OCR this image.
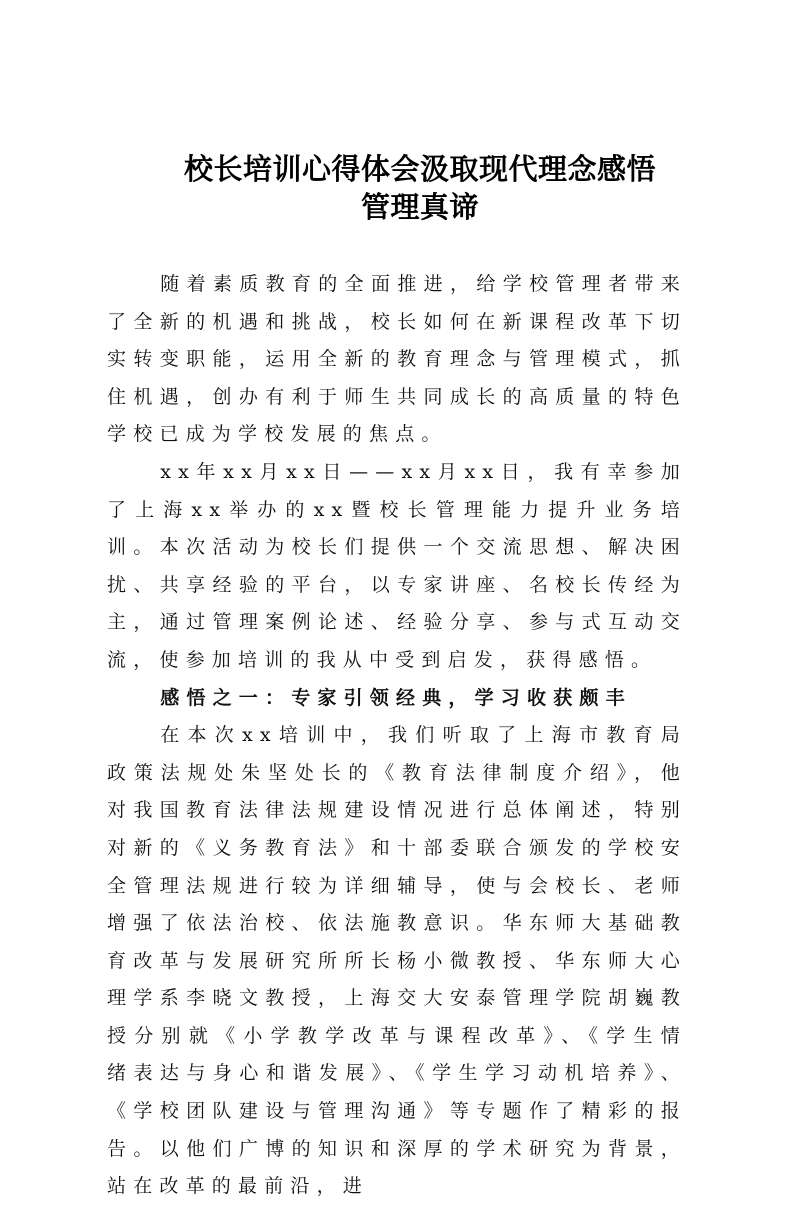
校长培训心得体会汲取现代理念感悟
管理真谛

随着素质教育的全面推进，给学校管理者带来了全新的机遇和挑战，校长如何在新课程改革下切实转变职能，运用全新的教育理念与管理模式，抓住机遇，创办有利于师生共同成长的高质量的特色学校已成为学校发展的焦点。

xx年xx月xx日——xx月xx日，我有幸参加了上海xx举办的xx暨校长管理能力提升业务培训。本次活动为校长们提供一个交流思想、解决困扰、共享经验的平台，以专家讲座、名校长传经为主，通过管理案例论述、经验分享、参与式互动交流，使参加培训的我从中受到启发，获得感悟。

感悟之一：专家引领经典，学习收获颇丰

在本次xx培训中，我们听取了上海市教育局政策法规处朱坚处长的《教育法律制度介绍》，他对我国教育法律法规建设情况进行总体阐述，特别对新的《义务教育法》和十部委联合颁发的学校安全管理法规进行较为详细辅导，使与会校长、老师增强了依法治校、依法施教意识。华东师大基础教育改革与发展研究所所长杨小微教授、华东师大心理学系李晓文教授，上海交大安泰管理学院胡巍教授分别就《小学教学改革与课程改革》、《学生情绪表达与身心和谐发展》、《学生学习动机培养》、《学校团队建设与管理沟通》等专题作了精彩的报告。以他们广博的知识和深厚的学术研究为背景，站在改革的最前沿，进
